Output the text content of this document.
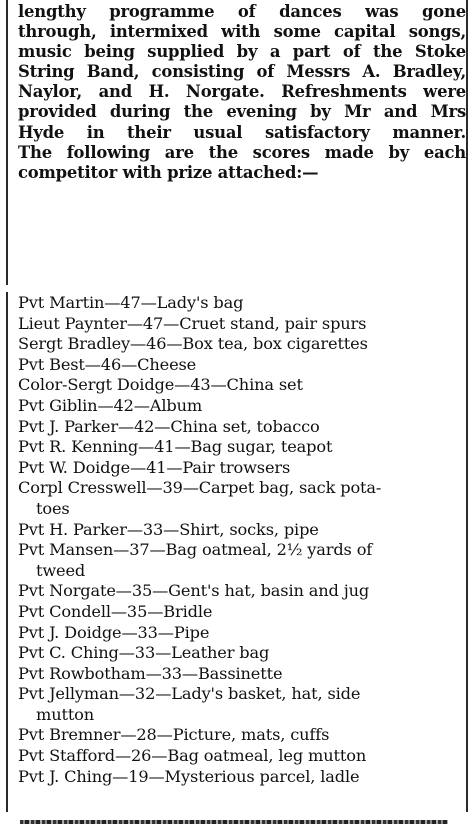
lengthy programme of dances was gone
through, intermixed with some capital songs,
music being supplied by a part of the Stoke
String Band, consisting of Messrs A. Bradley,
Naylor, and H. Norgate. Refreshments were
provided during the evening by Mr and Mrs
Hyde in their usual satisfactory manner.
The following are the scores made by each
competitor with prize attached:—
Pvt Martin—47—Lady's bag
Lieut Paynter—47—Cruet stand, pair spurs
Sergt Bradley—46—Box tea, box cigarettes
Pvt Best—46—Cheese
Color-Sergt Doidge—43—China set
Pvt Giblin—42—Album
Pvt J. Parker—42—China set, tobacco
Pvt R. Kenning—41—Bag sugar, teapot
Pvt W. Doidge—41—Pair trowsers
Corpl Cresswell—39—Carpet bag, sack pota-
toes
Pvt H. Parker—33—Shirt, socks, pipe
Pvt Mansen—37—Bag oatmeal, 2½ yards of
tweed
Pvt Norgate—35—Gent's hat, basin and jug
Pvt Condell—35—Bridle
Pvt J. Doidge—33—Pipe
Pvt C. Ching—33—Leather bag
Pvt Rowbotham—33—Bassinette
Pvt Jellyman—32—Lady's basket, hat, side
mutton
Pvt Bremner—28—Picture, mats, cuffs
Pvt Stafford—26—Bag oatmeal, leg mutton
Pvt J. Ching—19—Mysterious parcel, ladle
